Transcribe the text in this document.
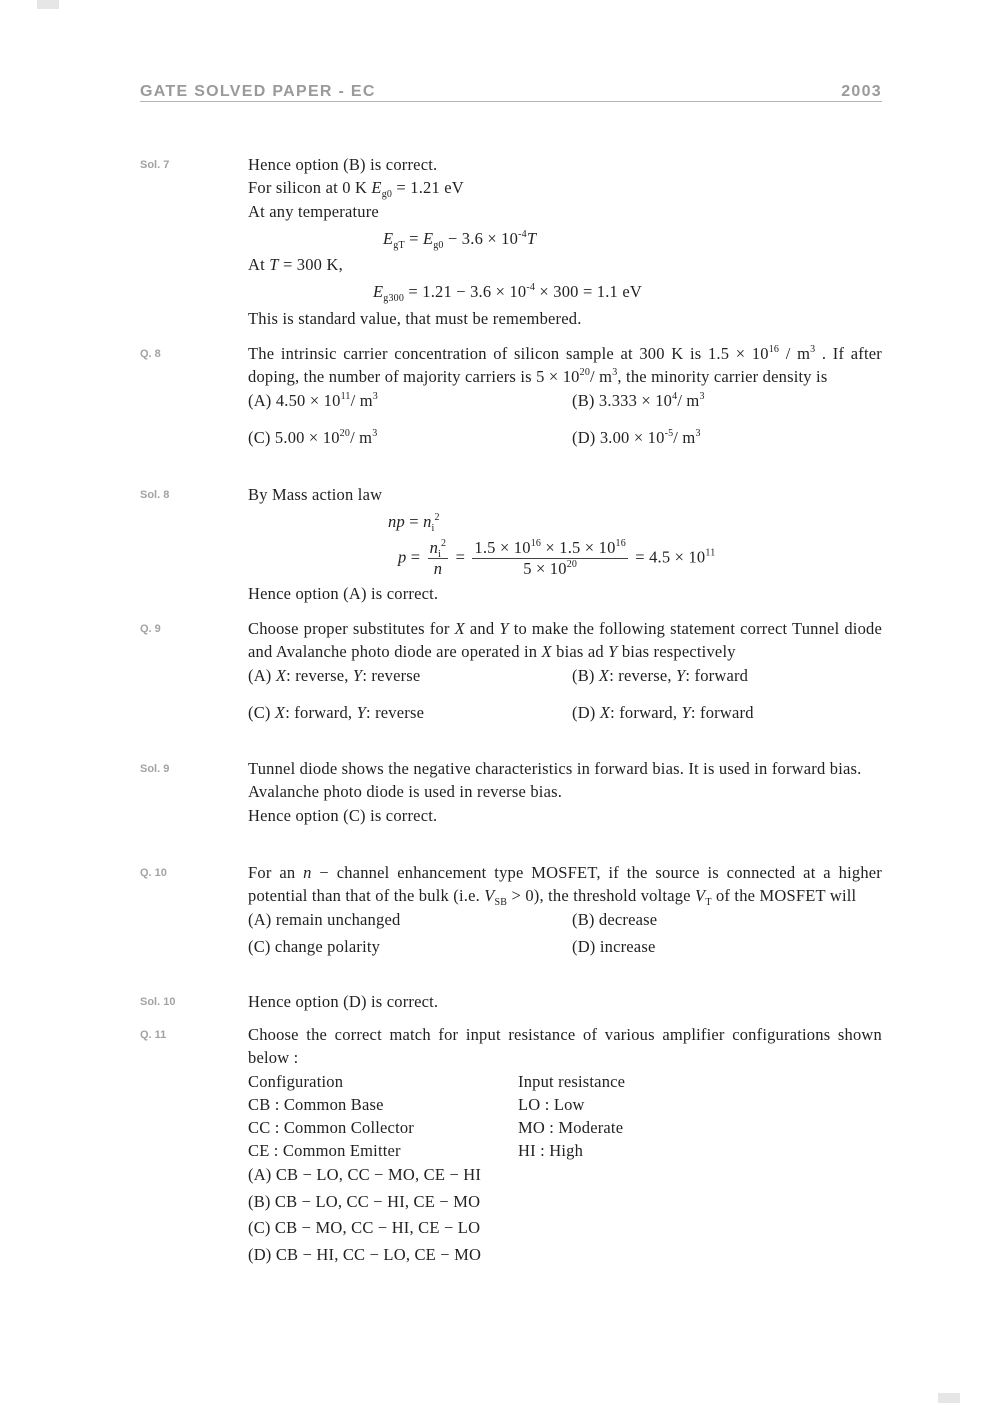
GATE SOLVED PAPER - EC	2003
Sol. 7	Hence option (B) is correct.
For silicon at 0 K $E_{g0} = 1.21$ eV
At any temperature
$E_{gT} = E_{g0} - 3.6 \times 10^{-4}T$
At T = 300 K,
$E_{g300} = 1.21 - 3.6 \times 10^{-4} \times 300 = 1.1$ eV
This is standard value, that must be remembered.
Q. 8	The intrinsic carrier concentration of silicon sample at 300 K is $1.5 \times 10^{16} / m^3$ . If after doping, the number of majority carriers is $5 \times 10^{20}/$ $m^3$, the minority carrier density is
(A) $4.50 \times 10^{11}/$ $m^3$	(B) $3.333 \times 10^4/$ $m^3$
(C) $5.00 \times 10^{20}/$ $m^3$	(D) $3.00 \times 10^{-5}/$ $m^3$
Sol. 8	By Mass action law
np = $n_i^2$
$p = \frac{n_i^2}{n} = \frac{1.5 \times 10^{16} \times 1.5 \times 10^{16}}{5 \times 10^{20}} = 4.5 \times 10^{11}$
Hence option (A) is correct.
Q. 9	Choose proper substitutes for X and Y to make the following statement correct Tunnel diode and Avalanche photo diode are operated in X bias ad Y bias respectively
(A) X: reverse, Y: reverse	(B) X: reverse, Y: forward
(C) X: forward, Y: reverse	(D) X: forward, Y: forward
Sol. 9	Tunnel diode shows the negative characteristics in forward bias. It is used in forward bias.
Avalanche photo diode is used in reverse bias.
Hence option (C) is correct.
Q. 10	For an n − channel enhancement type MOSFET, if the source is connected at a higher potential than that of the bulk (i.e. $V_{SB} > 0$), the threshold voltage $V_T$ of the MOSFET will
(A) remain unchanged	(B) decrease
(C) change polarity	(D) increase
Sol. 10	Hence option (D) is correct.
Q. 11	Choose the correct match for input resistance of various amplifier configurations shown below :
Configuration	Input resistance
CB : Common Base	LO : Low
CC : Common Collector	MO : Moderate
CE : Common Emitter	HI : High
(A) CB − LO, CC − MO, CE − HI
(B) CB − LO, CC − HI, CE − MO
(C) CB − MO, CC − HI, CE − LO
(D) CB − HI, CC − LO, CE − MO
